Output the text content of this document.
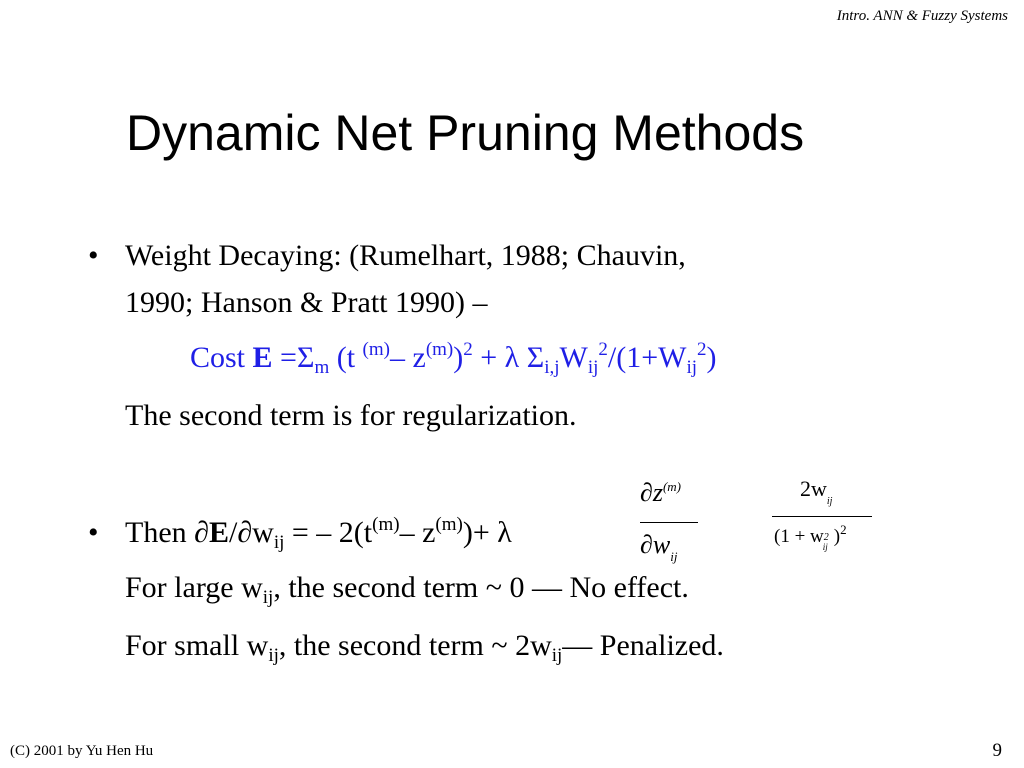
Intro. ANN & Fuzzy Systems
Dynamic Net Pruning Methods
• Weight Decaying: (Rumelhart, 1988; Chauvin,
1990; Hanson & Pratt 1990) –
Cost $E =\Sigma_m$ (t $^{(m)}$– $z^{(m)})^2 + \lambda$ $\Sigma_{i,j}W_{ij}^2/(1+W_{ij}^2)$
The second term is for regularization.
• Then $\partial E/\partial w_{ij}$ = – $2(t^{(m)}-$ $z^{(m)})+ \lambda$
$\partial z^{(m)}$
$\partial w_{ij}$
$2w_{ij}$
($1 + w2_{ij}$ )$^2$
For large $w_{ij}$, the second term ~ 0 — No effect.
For small $w_{ij}$, the second term ~ $2w_{ij}—$ Penalized.
(C) 2001 by Yu Hen Hu	9
